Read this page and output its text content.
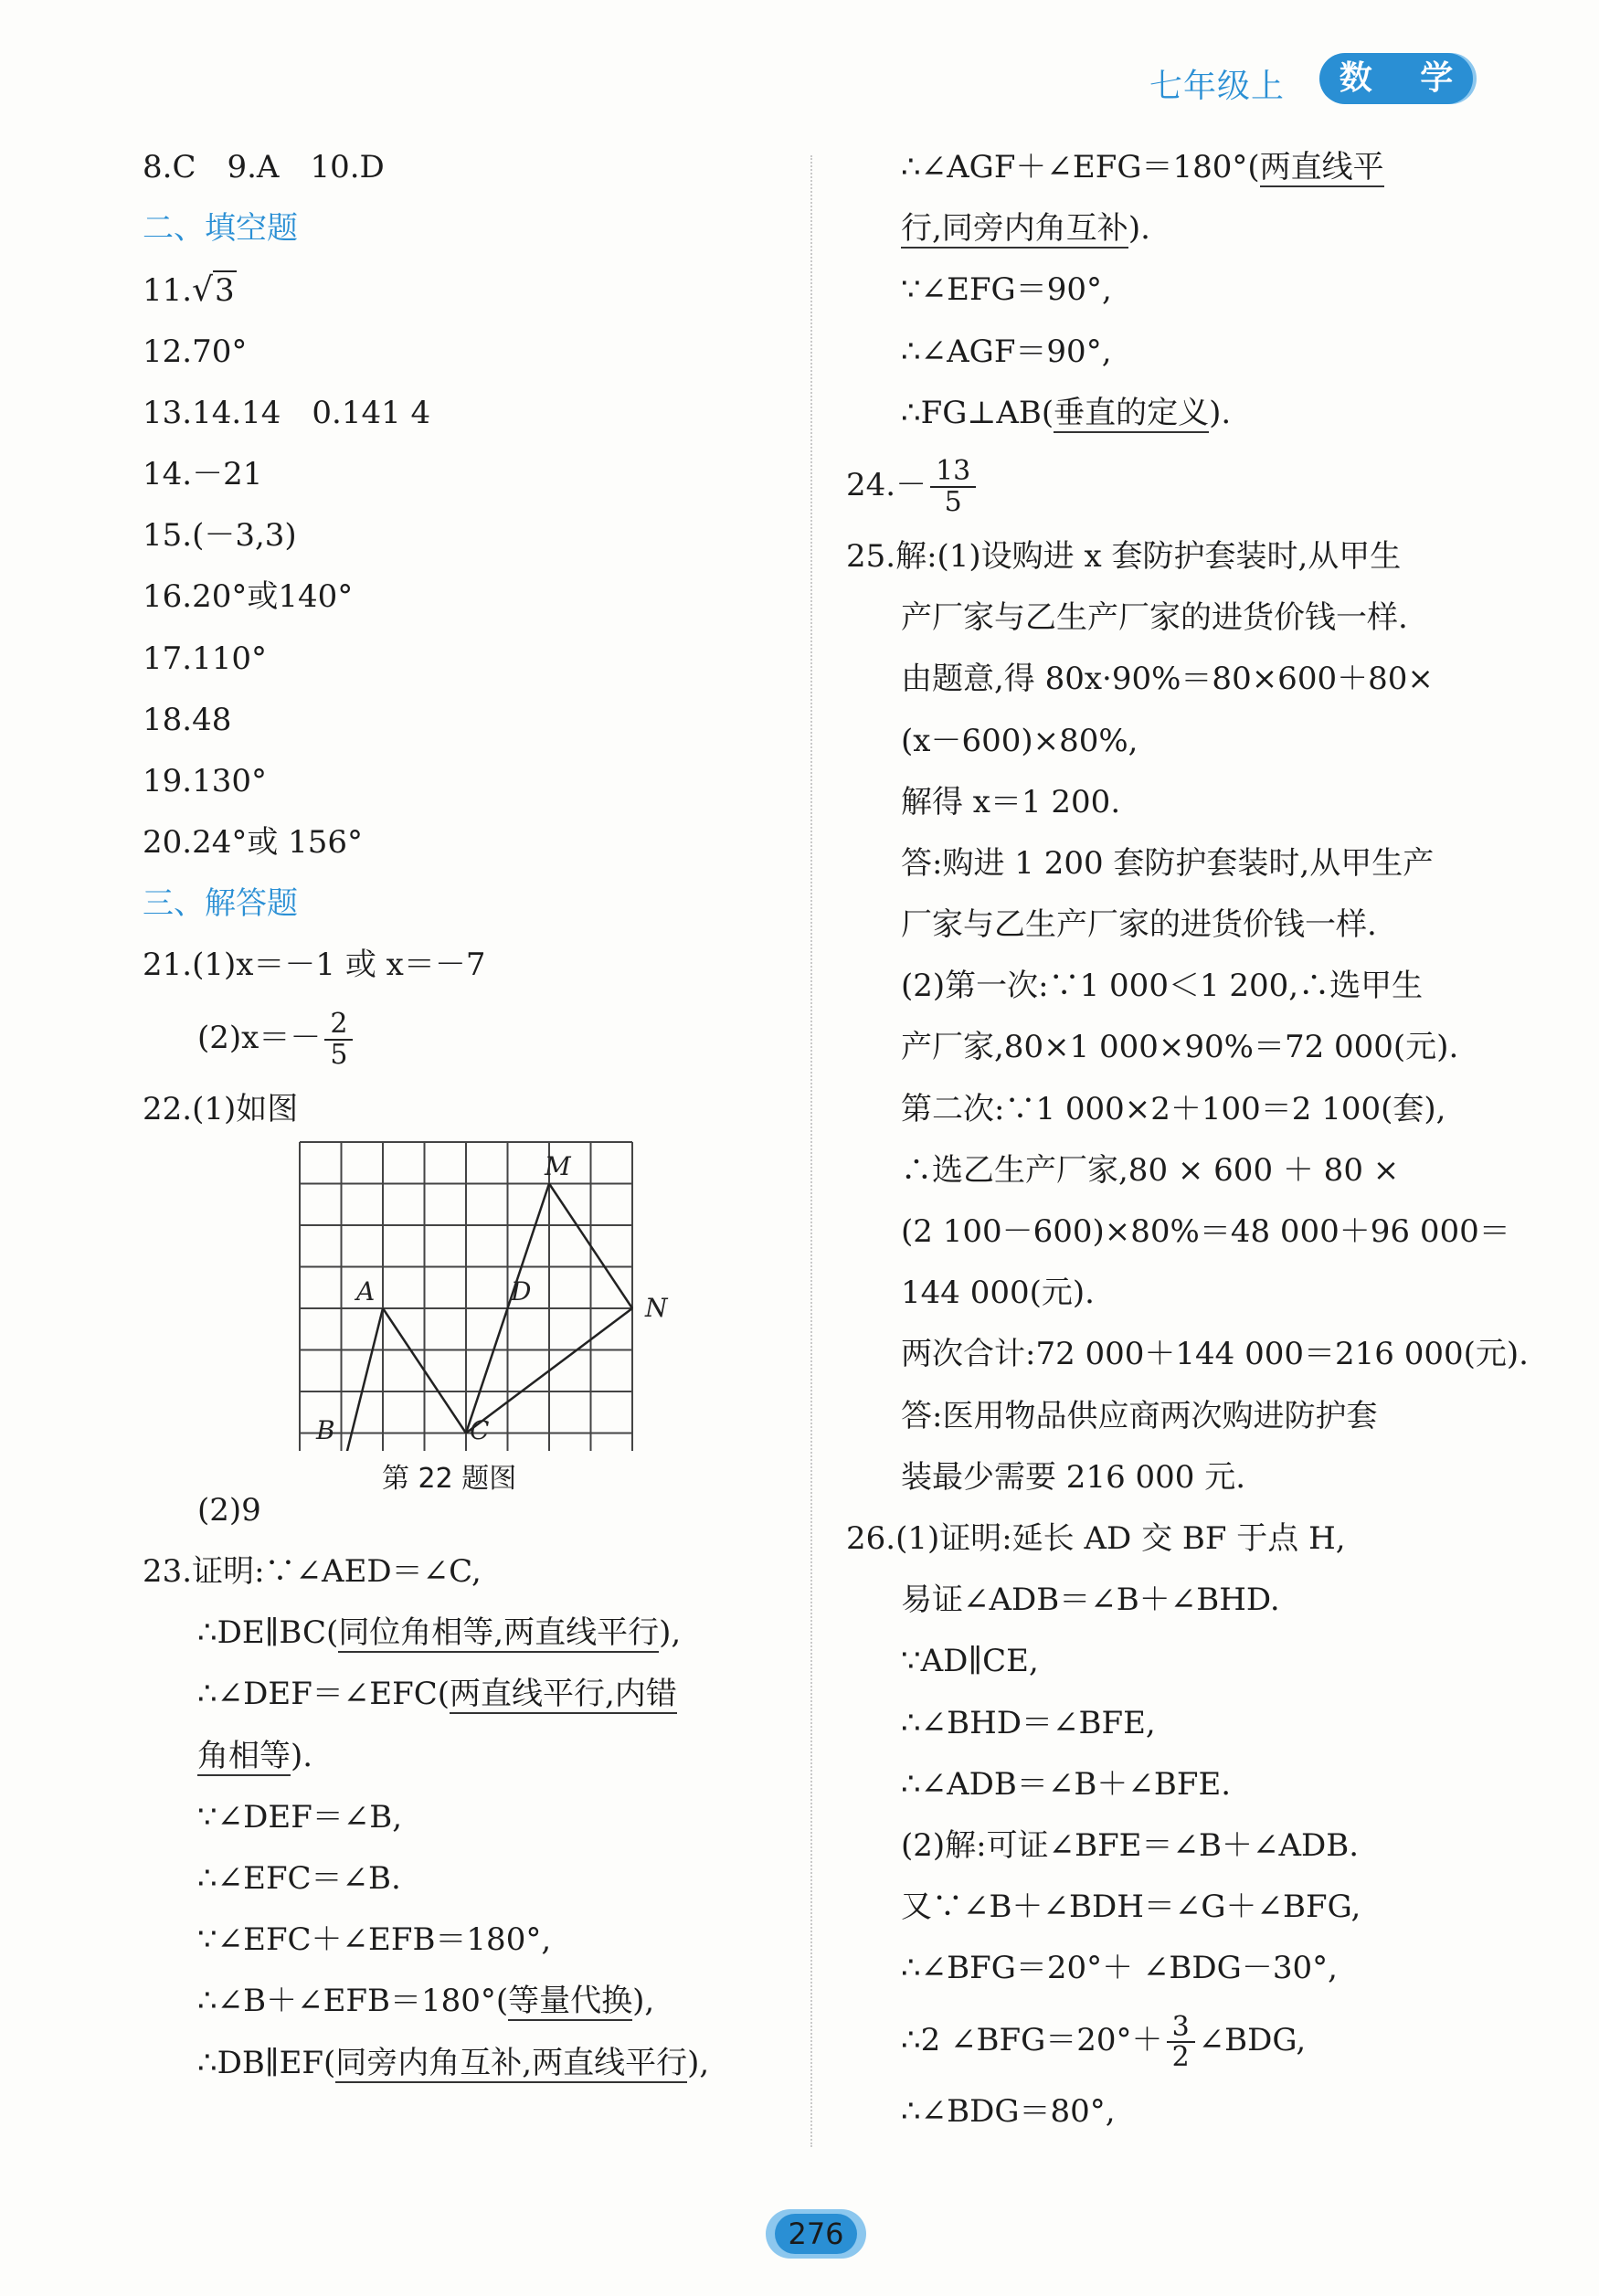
七年级上	数 学
8.C　9.A　10.D
二、填空题
11.√3
12.70°
13.14.14　0.141 4
14.－21
15.(－3,3)
16.20°或140°
17.110°
18.48
19.130°
20.24°或 156°
三、解答题
21.(1)x＝－1 或 x＝－7
$(2)x=- \frac{2}{5}$
22.(1)如图
M
A	D
N
B	C
第 22 题图
(2)9
23.证明:∵∠AED＝∠C,
∴DE∥BC(同位角相等,两直线平行),
∴∠DEF＝∠EFC(两直线平行,内错
角相等).
∵∠DEF＝∠B,
∴∠EFC＝∠B.
∵∠EFC＋∠EFB＝180°,
∴∠B＋∠EFB＝180°(等量代换),
∴DB∥EF(同旁内角互补,两直线平行),
∴∠AGF＋∠EFG＝180°(两直线平
行,同旁内角互补).
∵∠EFG＝90°,
∴∠AGF＝90°,
∴FG⊥AB(垂直的定义).
$24.- \frac{13}{5}$
25.解:(1)设购进 x 套防护套装时,从甲生
产厂家与乙生产厂家的进货价钱一样.
由题意,得 80x·90%＝80×600＋80×
(x－600)×80%,
解得 x＝1 200.
答:购进 1 200 套防护套装时,从甲生产
厂家与乙生产厂家的进货价钱一样.
(2)第一次:∵1 000＜1 200,∴选甲生
产厂家,80×1 000×90%＝72 000(元).
第二次:∵1 000×2＋100＝2 100(套),
∴选乙生产厂家,80 × 600 ＋ 80 ×
(2 100－600)×80%＝48 000＋96 000＝
144 000(元).
两次合计:72 000＋144 000＝216 000(元).
答:医用物品供应商两次购进防护套
装最少需要 216 000 元.
26.(1)证明:延长 AD 交 BF 于点 H,
易证∠ADB＝∠B＋∠BHD.
∵AD∥CE,
∴∠BHD＝∠BFE,
∴∠ADB＝∠B＋∠BFE.
(2)解:可证∠BFE＝∠B＋∠ADB.
又∵∠B＋∠BDH＝∠G＋∠BFG,
∴∠BFG＝20°＋ ∠BDG－30°,
∴2 ∠BFG＝20°＋ $\frac{3}{2}$ ∠BDG,
∴∠BDG＝80°,
276
